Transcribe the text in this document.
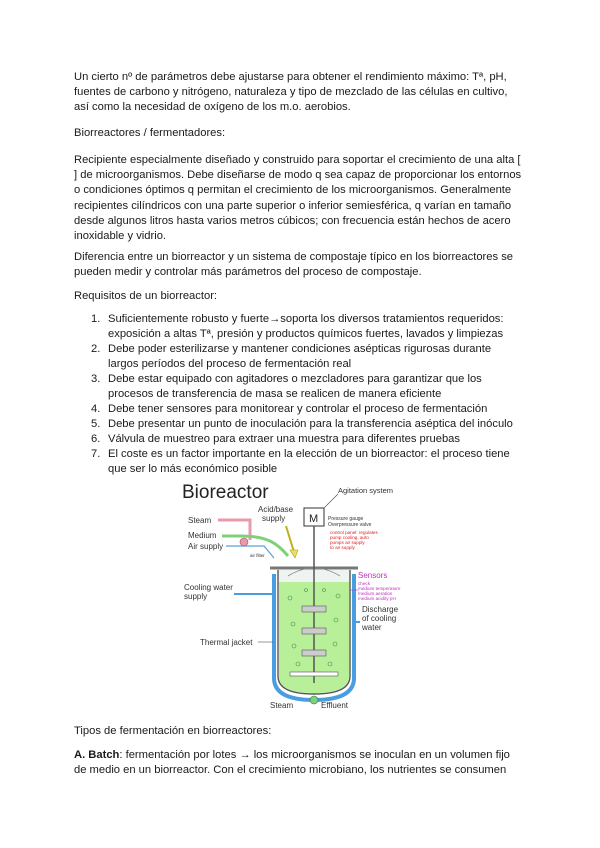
Un cierto nº de parámetros debe ajustarse para obtener el rendimiento máximo: Tª, pH, fuentes de carbono y nitrógeno, naturaleza y tipo de mezclado de las células en cultivo, así como la necesidad de oxígeno de los m.o. aerobios.

Biorreactores / fermentadores:

Recipiente especialmente diseñado y construido para soportar el crecimiento de una alta [ ] de microorganismos. Debe diseñarse de modo q sea capaz de proporcionar los entornos o condiciones óptimos q permitan el crecimiento de los microorganismos. Generalmente recipientes cilíndricos con una parte superior o inferior semiesférica, q varían en tamaño desde algunos litros hasta varios metros cúbicos; con frecuencia están hechos de acero inoxidable y vidrio.

Diferencia entre un biorreactor y un sistema de compostaje típico en los biorreactores se pueden medir y controlar más parámetros del proceso de compostaje.

Requisitos de un biorreactor:

Suficientemente robusto y fuerte→soporta los diversos tratamientos requeridos: exposición a altas Tª, presión y productos químicos fuertes, lavados y limpiezas
Debe poder esterilizarse y mantener condiciones asépticas rigurosas durante largos períodos del proceso de fermentación real
Debe estar equipado con agitadores o mezcladores para garantizar que los procesos de transferencia de masa se realicen de manera eficiente
Debe tener sensores para monitorear y controlar el proceso de fermentación
Debe presentar un punto de inoculación para la transferencia aséptica del inóculo
Válvula de muestreo para extraer una muestra para diferentes pruebas
El coste es un factor importante en la elección de un biorreactor: el proceso tiene que ser lo más económico posible
Bioreactor
M
Agitation system
Acid/base supply	Pressure gauge
Overpressure valve
control panel: regulates pump cooling, auto pumps air supply to air supply
Steam
Medium
Air supply
air filter
Sensors
check medium temperature medium aeration medium acidity pH
Cooling water supply
Discharge of cooling water
Thermal jacket
Steam	Effluent

Tipos de fermentación en biorreactores:

A. Batch: fermentación por lotes → los microorganismos se inoculan en un volumen fijo de medio en un biorreactor. Con el crecimiento microbiano, los nutrientes se consumen
